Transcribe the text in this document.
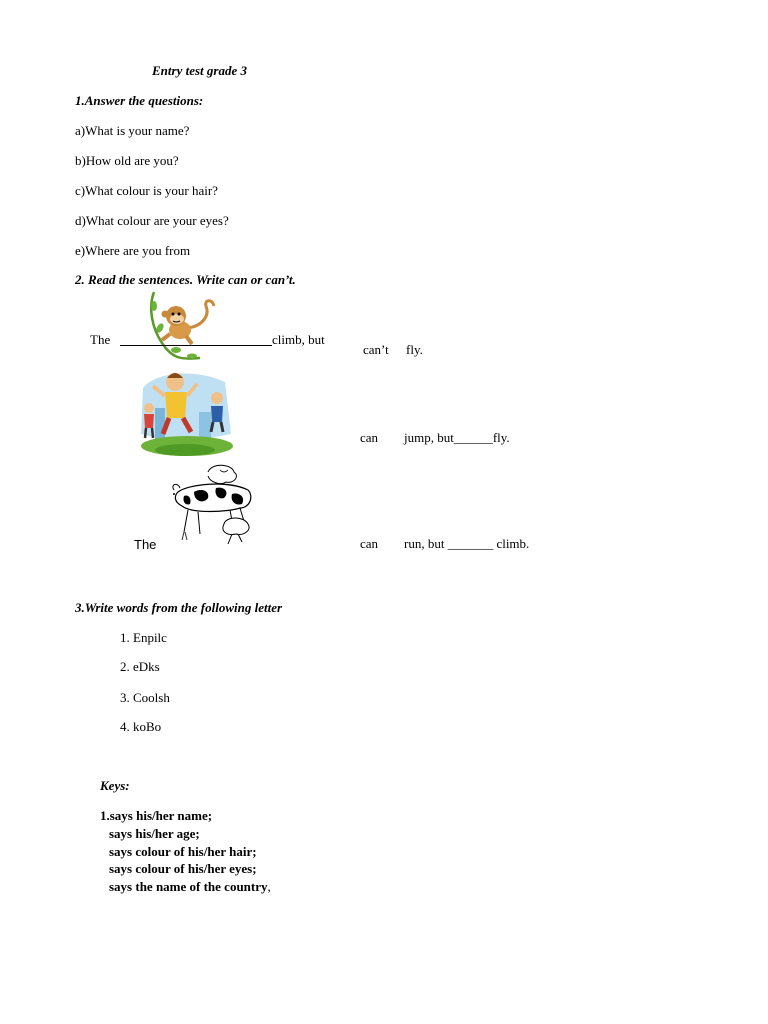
Entry test grade 3
1.Answer the questions:
a)What is your name?
b)How old are you?
c)What colour is your hair?
d)What colour are your eyes?
e)Where are you from
2. Read the sentences. Write can or can’t.
The	climb, but
can’t fly.
can jump, but______fly.
The	can run, but _______ climb.
3.Write words from the following letter
1. Enpilc
2. eDks
3. Coolsh
4. koBo
Keys:
1.says his/her name;
says his/her age;
says colour of his/her hair;
says colour of his/her eyes;
says the name of the country,
